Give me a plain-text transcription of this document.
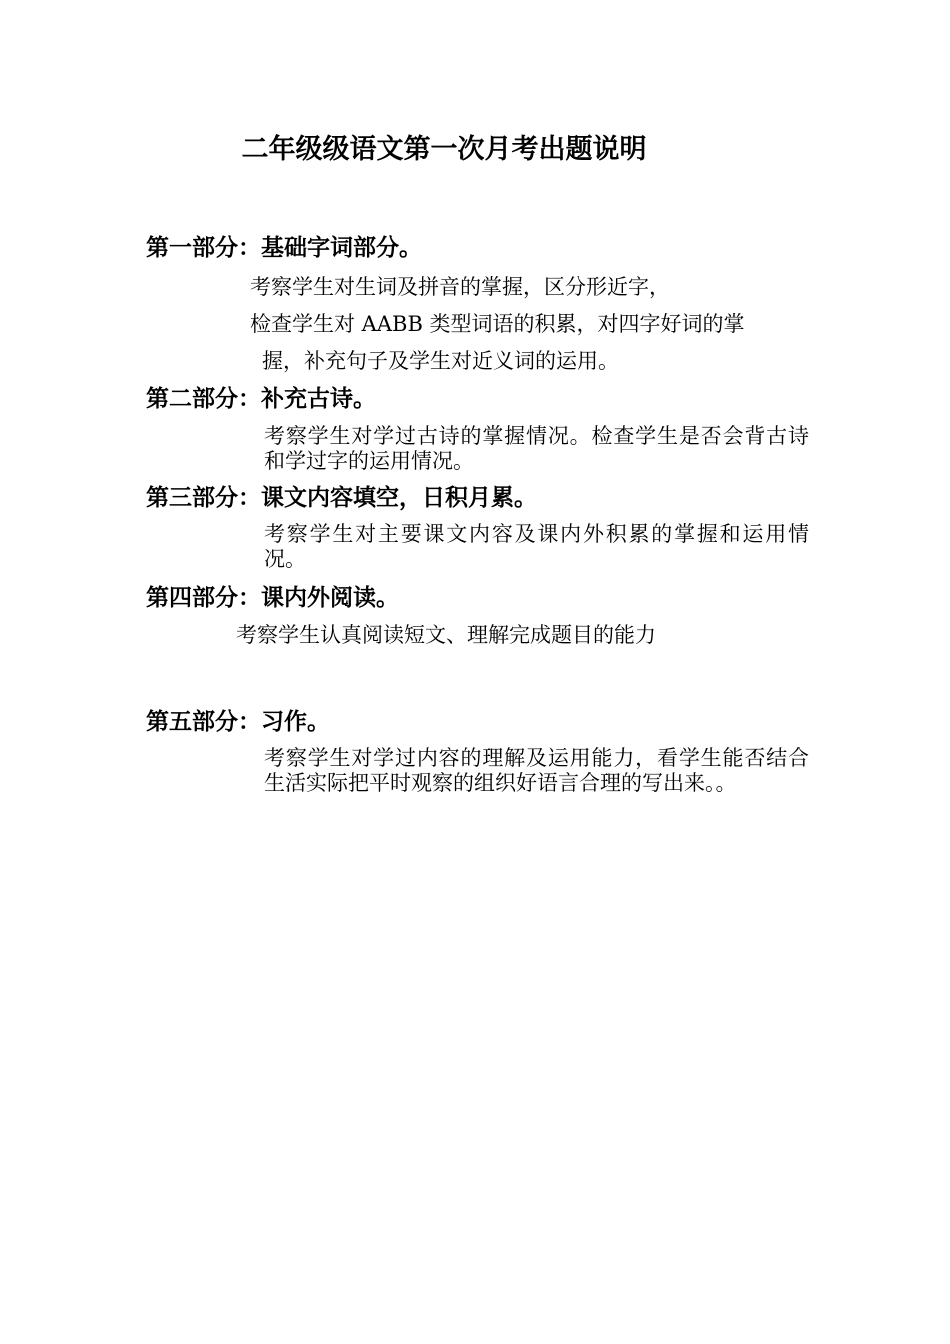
二年级级语文第一次月考出题说明
第一部分：基础字词部分。
考察学生对生词及拼音的掌握，区分形近字，
检查学生对 AABB 类型词语的积累，对四字好词的掌
握，补充句子及学生对近义词的运用。
第二部分：补充古诗。
考察学生对学过古诗的掌握情况。检查学生是否会背古诗和学过字的运用情况。
第三部分：课文内容填空，日积月累。
考察学生对主要课文内容及课内外积累的掌握和运用情况。
第四部分：课内外阅读。
考察学生认真阅读短文、理解完成题目的能力
第五部分：习作。
考察学生对学过内容的理解及运用能力，看学生能否结合生活实际把平时观察的组织好语言合理的写出来。。
